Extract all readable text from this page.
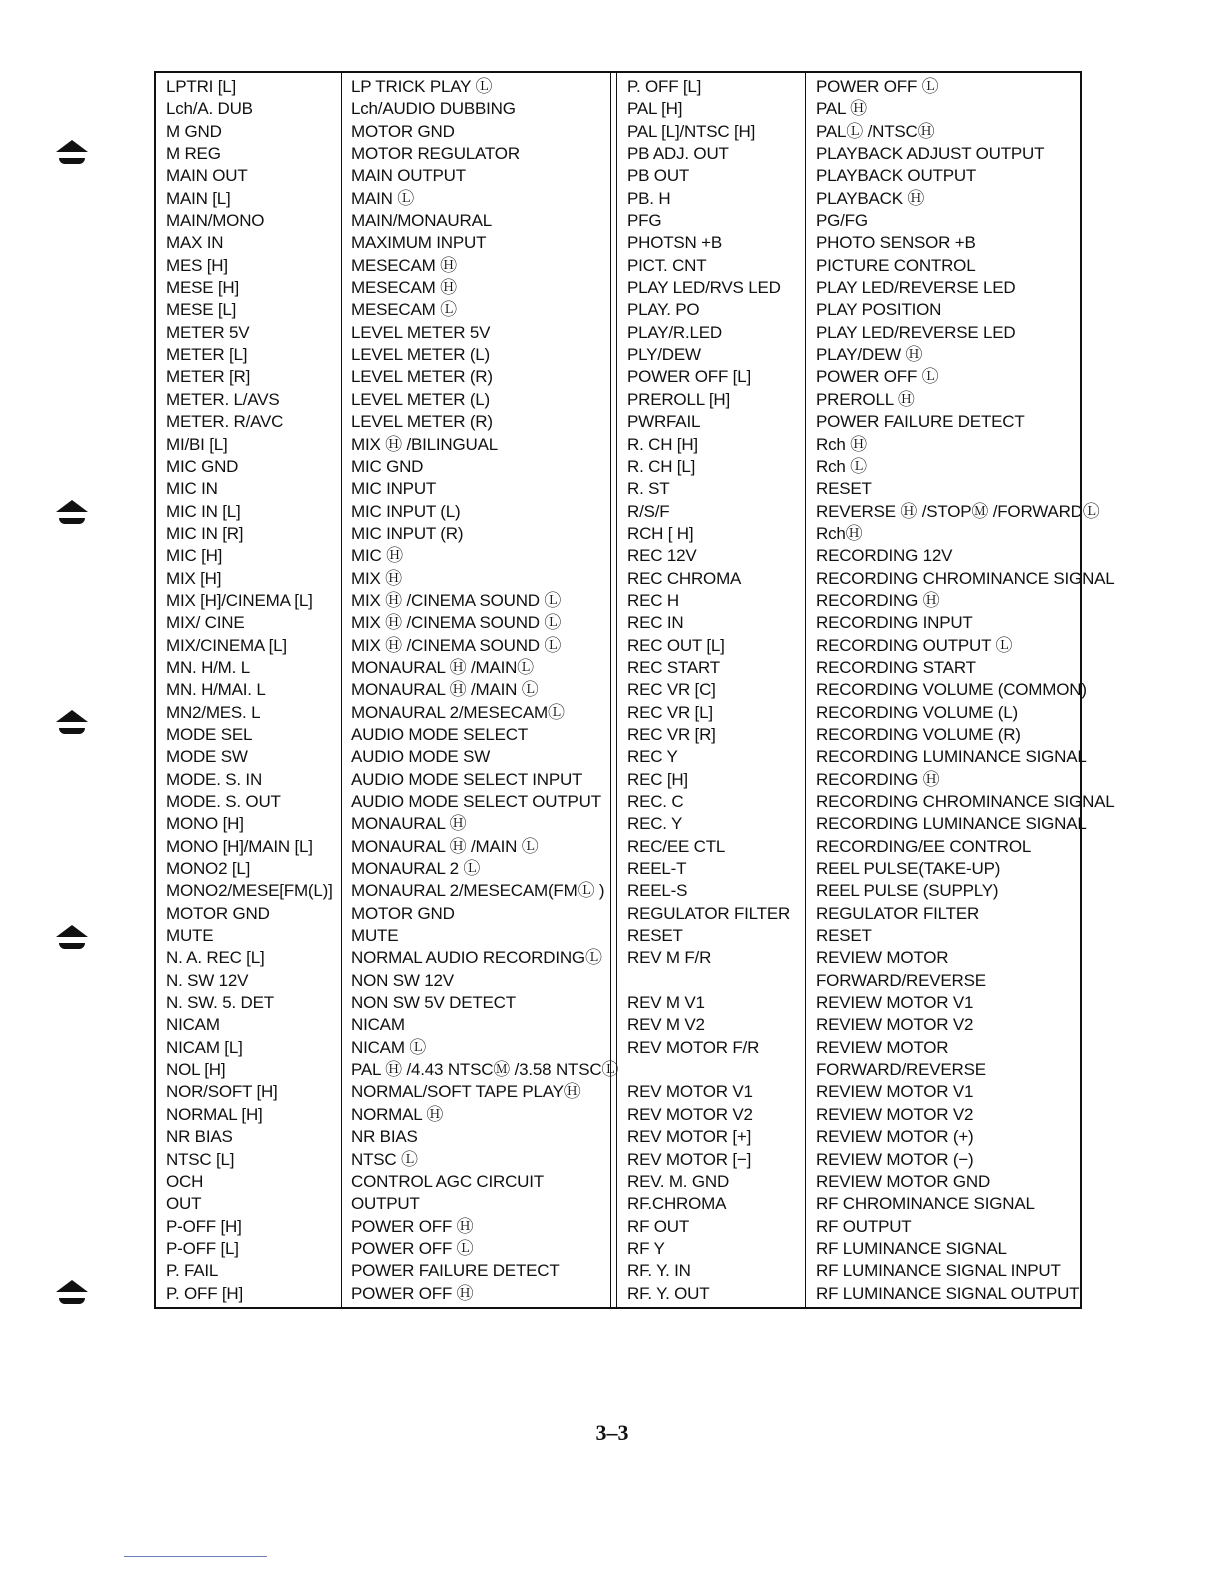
LPTRI [L]
Lch/A. DUB
M GND
M REG
MAIN OUT
MAIN [L]
MAIN/MONO
MAX IN
MES [H]
MESE [H]
MESE [L]
METER 5V
METER [L]
METER [R]
METER. L/AVS
METER. R/AVC
MI/BI [L]
MIC GND
MIC IN
MIC IN [L]
MIC IN [R]
MIC [H]
MIX [H]
MIX [H]/CINEMA [L]
MIX/ CINE
MIX/CINEMA [L]
MN. H/M. L
MN. H/MAI. L
MN2/MES. L
MODE SEL
MODE SW
MODE. S. IN
MODE. S. OUT
MONO [H]
MONO [H]/MAIN [L]
MONO2 [L]
MONO2/MESE[FM(L)]
MOTOR GND
MUTE
N. A. REC [L]
N. SW 12V
N. SW. 5. DET
NICAM
NICAM [L]
NOL [H]
NOR/SOFT [H]
NORMAL [H]
NR BIAS
NTSC [L]
OCH
OUT
P-OFF [H]
P-OFF [L]
P. FAIL
P. OFF [H]
LP TRICK PLAY Ⓛ
Lch/AUDIO DUBBING
MOTOR GND
MOTOR REGULATOR
MAIN OUTPUT
MAIN Ⓛ
MAIN/MONAURAL
MAXIMUM INPUT
MESECAM Ⓗ
MESECAM Ⓗ
MESECAM Ⓛ
LEVEL METER 5V
LEVEL METER (L)
LEVEL METER (R)
LEVEL METER (L)
LEVEL METER (R)
MIX Ⓗ /BILINGUAL
MIC GND
MIC INPUT
MIC INPUT (L)
MIC INPUT (R)
MIC Ⓗ
MIX Ⓗ
MIX Ⓗ /CINEMA SOUND Ⓛ
MIX Ⓗ /CINEMA SOUND Ⓛ
MIX Ⓗ /CINEMA SOUND Ⓛ
MONAURAL Ⓗ /MAINⓁ
MONAURAL Ⓗ /MAIN Ⓛ
MONAURAL 2/MESECAMⓁ
AUDIO MODE SELECT
AUDIO MODE SW
AUDIO MODE SELECT INPUT
AUDIO MODE SELECT OUTPUT
MONAURAL Ⓗ
MONAURAL Ⓗ /MAIN Ⓛ
MONAURAL 2 Ⓛ
MONAURAL 2/MESECAM(FMⓁ )
MOTOR GND
MUTE
NORMAL AUDIO RECORDINGⓁ
NON SW 12V
NON SW 5V DETECT
NICAM
NICAM Ⓛ
PAL Ⓗ /4.43 NTSCⓂ /3.58 NTSCⓁ
NORMAL/SOFT TAPE PLAYⒽ
NORMAL Ⓗ
NR BIAS
NTSC Ⓛ
CONTROL AGC CIRCUIT
OUTPUT
POWER OFF Ⓗ
POWER OFF Ⓛ
POWER FAILURE DETECT
POWER OFF Ⓗ
P. OFF [L]
PAL [H]
PAL [L]/NTSC [H]
PB ADJ. OUT
PB OUT
PB. H
PFG
PHOTSN +B
PICT. CNT
PLAY LED/RVS LED
PLAY. PO
PLAY/R.LED
PLY/DEW
POWER OFF [L]
PREROLL [H]
PWRFAIL
R. CH [H]
R. CH [L]
R. ST
R/S/F
RCH [ H]
REC 12V
REC CHROMA
REC H
REC IN
REC OUT [L]
REC START
REC VR [C]
REC VR [L]
REC VR [R]
REC Y
REC [H]
REC. C
REC. Y
REC/EE CTL
REEL-T
REEL-S
REGULATOR FILTER
RESET
REV M F/R
REV M V1
REV M V2
REV MOTOR F/R
REV MOTOR V1
REV MOTOR V2
REV MOTOR [+]
REV MOTOR [−]
REV. M. GND
RF.CHROMA
RF OUT
RF Y
RF. Y. IN
RF. Y. OUT
POWER OFF Ⓛ
PAL Ⓗ
PALⓁ /NTSCⒽ
PLAYBACK ADJUST OUTPUT
PLAYBACK OUTPUT
PLAYBACK Ⓗ
PG/FG
PHOTO SENSOR +B
PICTURE CONTROL
PLAY LED/REVERSE LED
PLAY POSITION
PLAY LED/REVERSE LED
PLAY/DEW Ⓗ
POWER OFF Ⓛ
PREROLL Ⓗ
POWER FAILURE DETECT
Rch Ⓗ
Rch Ⓛ
RESET
REVERSE Ⓗ /STOPⓂ /FORWARDⓁ
RchⒽ
RECORDING 12V
RECORDING CHROMINANCE SIGNAL
RECORDING Ⓗ
RECORDING INPUT
RECORDING OUTPUT Ⓛ
RECORDING START
RECORDING VOLUME (COMMON)
RECORDING VOLUME (L)
RECORDING VOLUME (R)
RECORDING LUMINANCE SIGNAL
RECORDING Ⓗ
RECORDING CHROMINANCE SIGNAL
RECORDING LUMINANCE SIGNAL
RECORDING/EE CONTROL
REEL PULSE(TAKE-UP)
REEL PULSE (SUPPLY)
REGULATOR FILTER
RESET
REVIEW MOTOR
FORWARD/REVERSE
REVIEW MOTOR V1
REVIEW MOTOR V2
REVIEW MOTOR
FORWARD/REVERSE
REVIEW MOTOR V1
REVIEW MOTOR V2
REVIEW MOTOR (+)
REVIEW MOTOR (−)
REVIEW MOTOR GND
RF CHROMINANCE SIGNAL
RF OUTPUT
RF LUMINANCE SIGNAL
RF LUMINANCE SIGNAL INPUT
RF LUMINANCE SIGNAL OUTPUT
3–3
